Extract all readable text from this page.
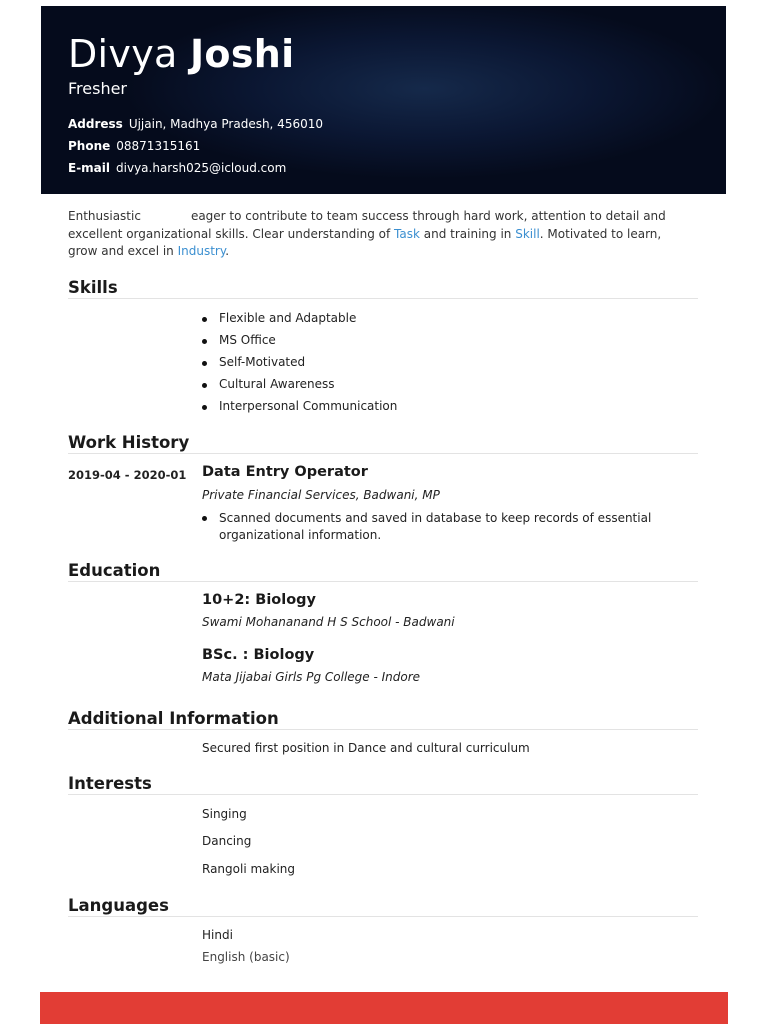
Divya Joshi

Fresher

Address Ujjain, Madhya Pradesh, 456010
Phone 08871315161
E-mail divya.harsh025@icloud.com
Enthusiastic	eager to contribute to team success through hard work, attention to detail and excellent organizational skills. Clear understanding of Task and training in Skill. Motivated to learn, grow and excel in Industry.
Skills
Flexible and Adaptable
MS Office
Self-Motivated
Cultural Awareness
Interpersonal Communication
Work History
2019-04 - 2020-01 Data Entry Operator
Private Financial Services, Badwani, MP
Scanned documents and saved in database to keep records of essential
organizational information.
Education
10+2: Biology
Swami Mohananand H S School - Badwani
BSc. : Biology
Mata Jijabai Girls Pg College - Indore
Additional Information
Secured first position in Dance and cultural curriculum
Interests
Singing
Dancing
Rangoli making
Languages
Hindi
English (basic)
